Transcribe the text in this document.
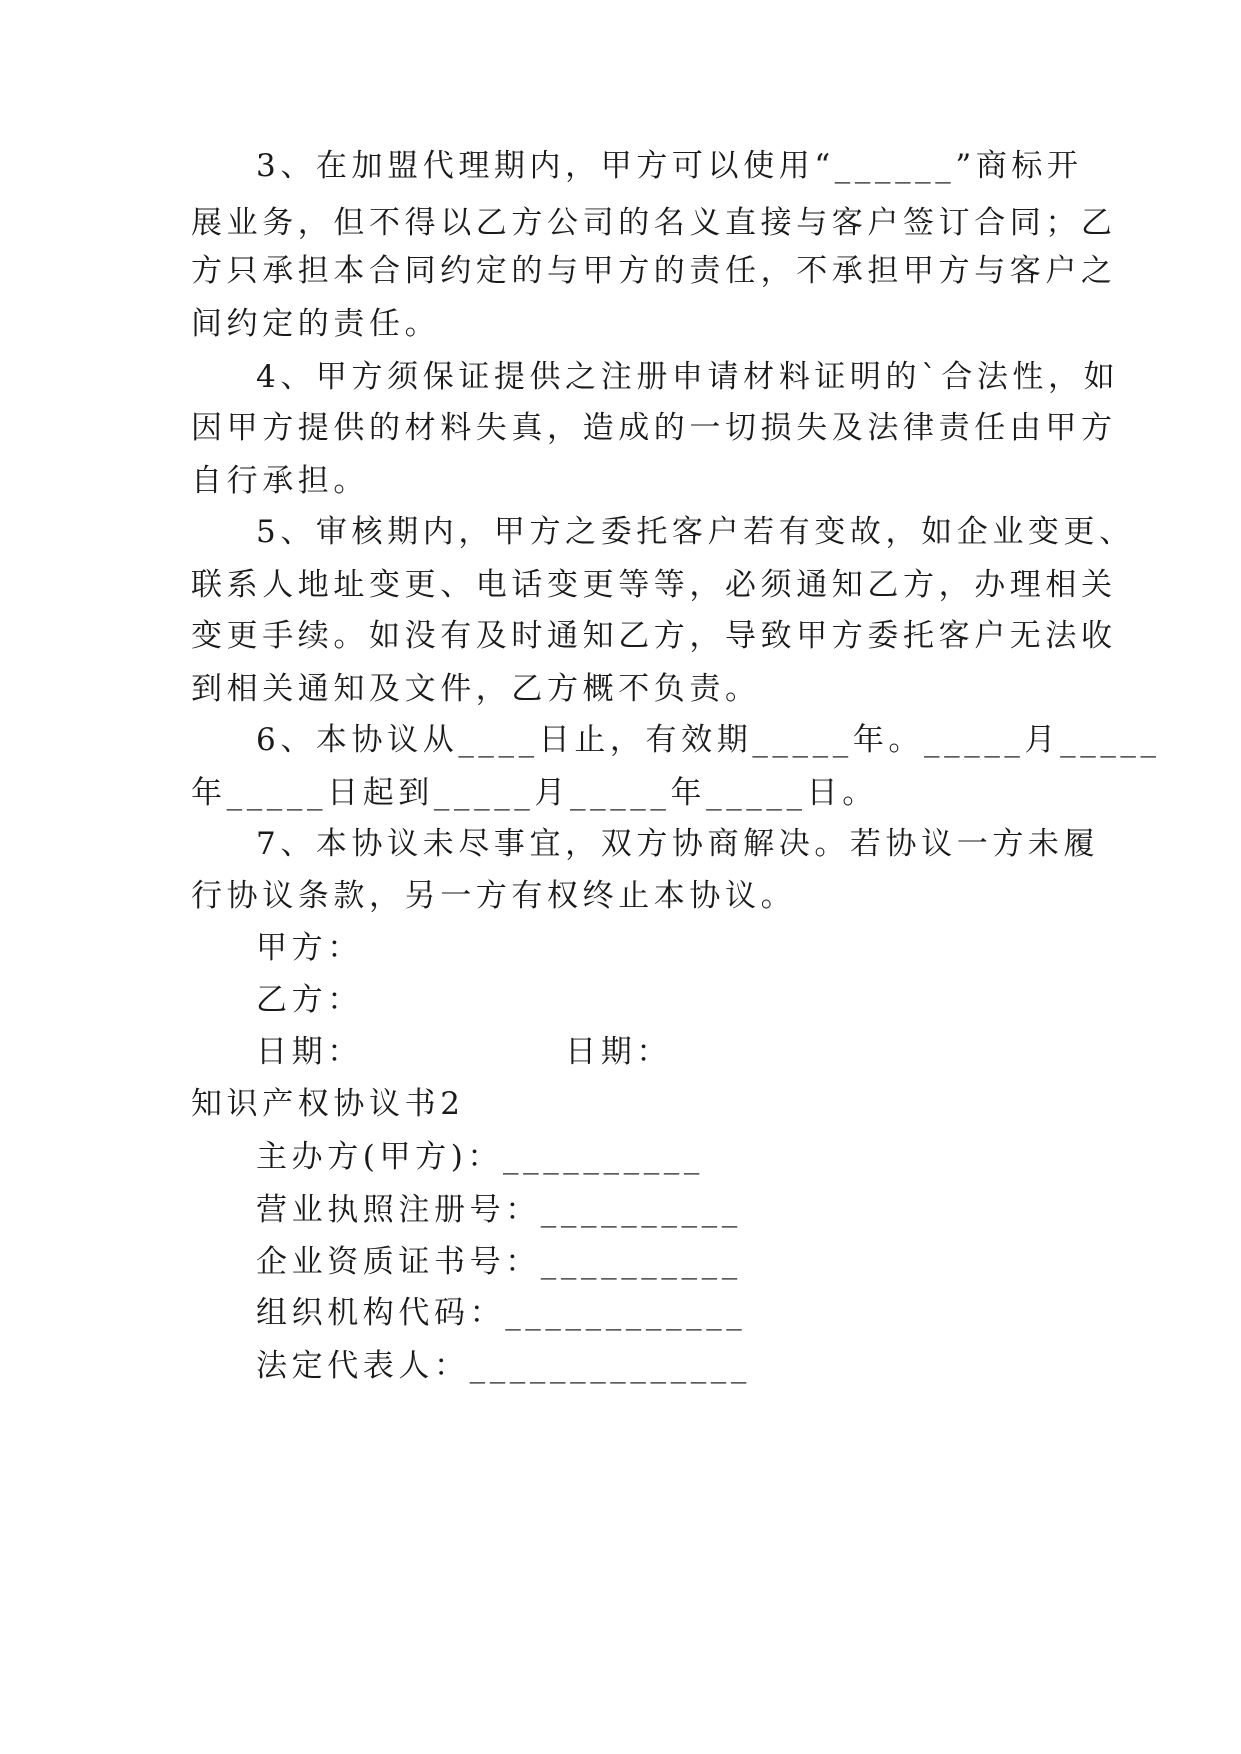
3、在加盟代理期内，甲方可以使用“______”商标开
展业务，但不得以乙方公司的名义直接与客户签订合同；乙
方只承担本合同约定的与甲方的责任，不承担甲方与客户之
间约定的责任。
4、甲方须保证提供之注册申请材料证明的`合法性，如
因甲方提供的材料失真，造成的一切损失及法律责任由甲方
自行承担。
5、审核期内，甲方之委托客户若有变故，如企业变更、
联系人地址变更、电话变更等等，必须通知乙方，办理相关
变更手续。如没有及时通知乙方，导致甲方委托客户无法收
到相关通知及文件，乙方概不负责。
6、本协议从____日止，有效期_____年。_____月_____
年_____日起到_____月_____年_____日。
7、本协议未尽事宜，双方协商解决。若协议一方未履
行协议条款，另一方有权终止本协议。
甲方：
乙方：
日期：              日期：
知识产权协议书2
主办方(甲方)：__________
营业执照注册号：__________
企业资质证书号：__________
组织机构代码：____________
法定代表人：______________
